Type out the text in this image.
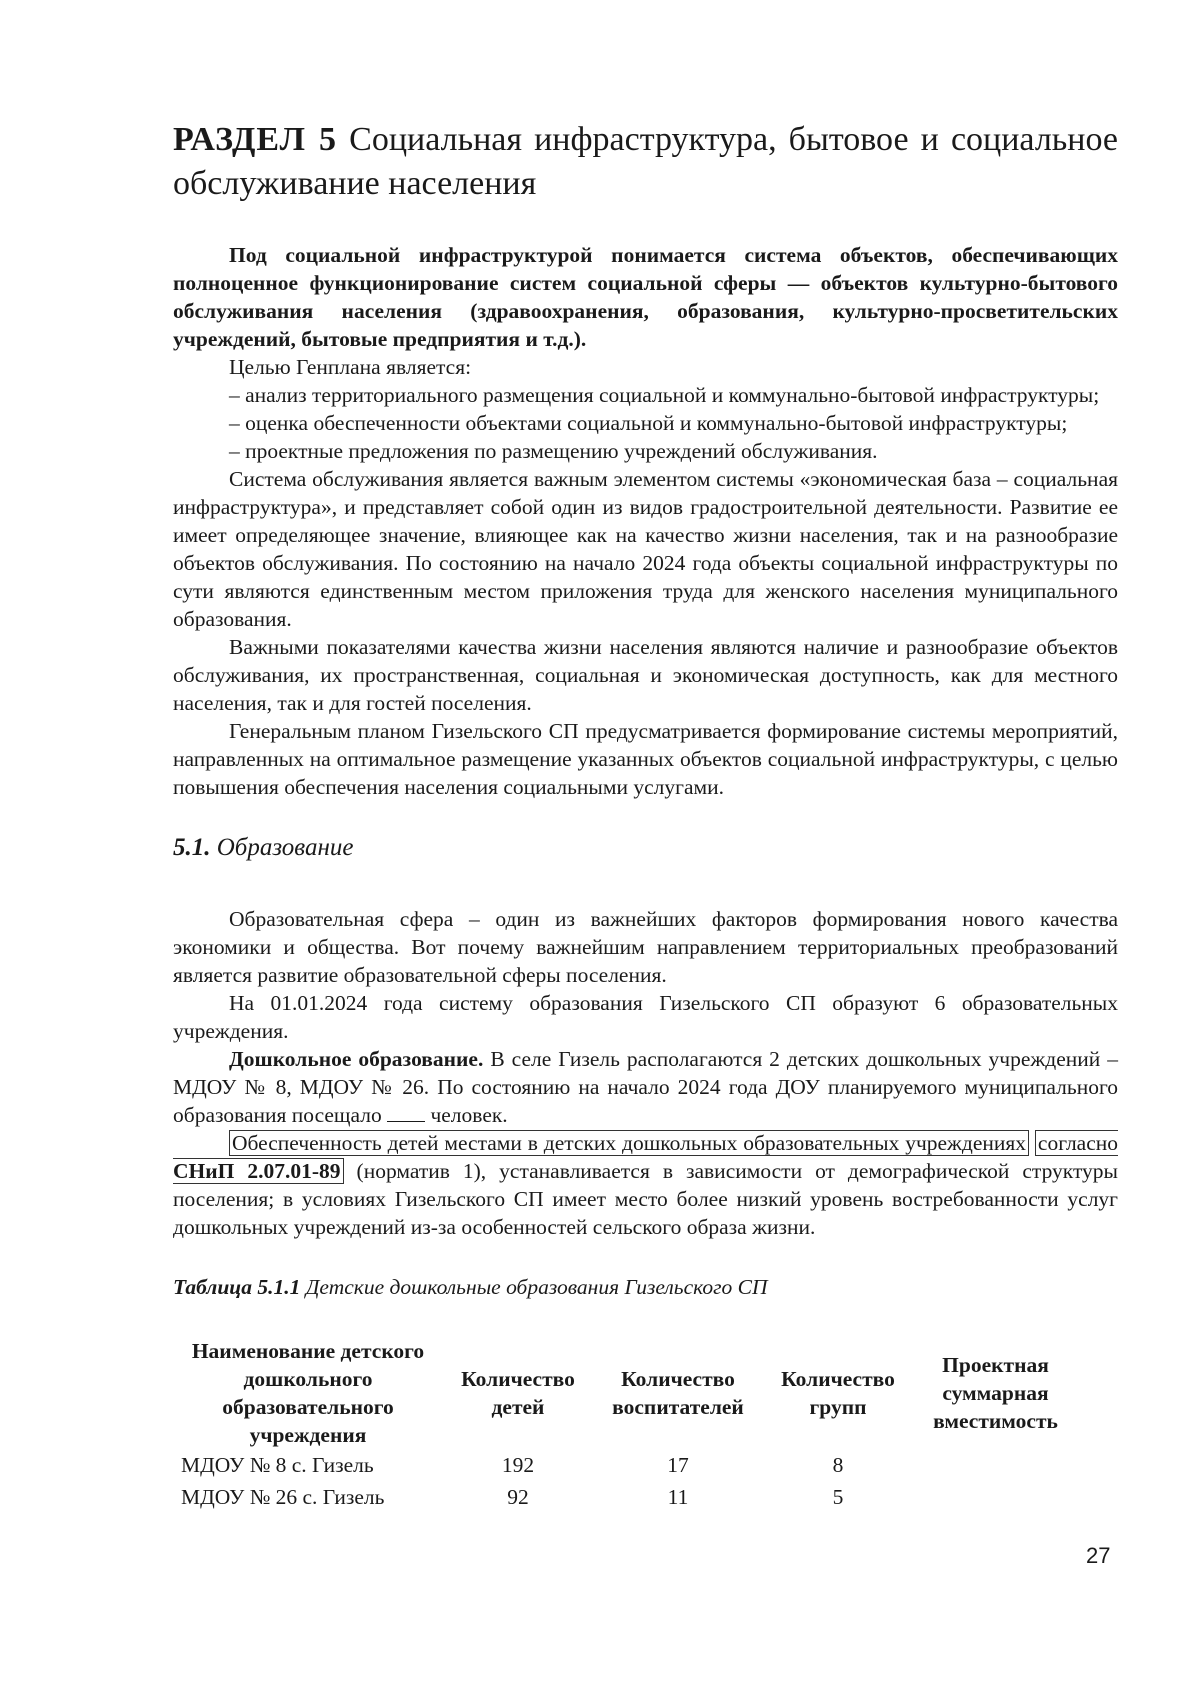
РАЗДЕЛ 5 Социальная инфраструктура, бытовое и социальное обслуживание населения

Под социальной инфраструктурой понимается система объектов, обеспечивающих полноценное функционирование систем социальной сферы — объектов культурно-бытового обслуживания населения (здравоохранения, образования, культурно-просветительских учреждений, бытовые предприятия и т.д.).

Целью Генплана является:

– анализ территориального размещения социальной и коммунально-бытовой инфраструктуры;

– оценка обеспеченности объектами социальной и коммунально-бытовой инфраструктуры;

– проектные предложения по размещению учреждений обслуживания.

Система обслуживания является важным элементом системы «экономическая база – социальная инфраструктура», и представляет собой один из видов градостроительной деятельности. Развитие ее имеет определяющее значение, влияющее как на качество жизни населения, так и на разнообразие объектов обслуживания. По состоянию на начало 2024 года объекты социальной инфраструктуры по сути являются единственным местом приложения труда для женского населения муниципального образования.

Важными показателями качества жизни населения являются наличие и разнообразие объектов обслуживания, их пространственная, социальная и экономическая доступность, как для местного населения, так и для гостей поселения.

Генеральным планом Гизельского СП предусматривается формирование системы мероприятий, направленных на оптимальное размещение указанных объектов социальной инфраструктуры, с целью повышения обеспечения населения социальными услугами.

5.1. Образование

Образовательная сфера – один из важнейших факторов формирования нового качества экономики и общества. Вот почему важнейшим направлением территориальных преобразований является развитие образовательной сферы поселения.

На 01.01.2024 года систему образования Гизельского СП образуют 6 образовательных учреждения.

Дошкольное образование. В селе Гизель располагаются 2 детских дошкольных учреждений – МДОУ № 8, МДОУ № 26. По состоянию на начало 2024 года ДОУ планируемого муниципального образования посещало  человек.

Обеспеченность детей местами в детских дошкольных образовательных учреждениях согласно СНиП 2.07.01-89 (норматив 1), устанавливается в зависимости от демографической структуры поселения; в условиях Гизельского СП имеет место более низкий уровень востребованности услуг дошкольных учреждений из-за особенностей сельского образа жизни.

Таблица 5.1.1 Детские дошкольные образования Гизельского СП
Наименование детского дошкольного образовательного учреждения	Количество детей	Количество воспитателей	Количество групп	Проектная суммарная вместимость
МДОУ № 8 с. Гизель	192	17	8	
МДОУ № 26 с. Гизель	92	11	5	
27
